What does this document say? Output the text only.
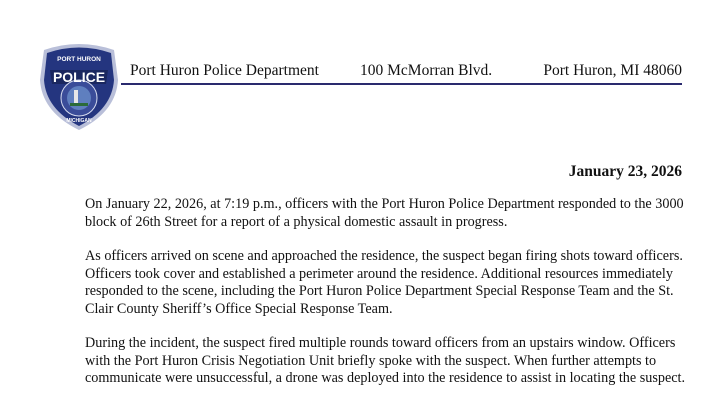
PORT HURON
POLICE
MICHIGAN
Port Huron Police Department	100 McMorran Blvd.	Port Huron, MI 48060
January 23, 2026

On January 22, 2026, at 7:19 p.m., officers with the Port Huron Police Department responded to the 3000 block of 26th Street for a report of a physical domestic assault in progress.

As officers arrived on scene and approached the residence, the suspect began firing shots toward officers. Officers took cover and established a perimeter around the residence. Additional resources immediately responded to the scene, including the Port Huron Police Department Special Response Team and the St. Clair County Sheriff’s Office Special Response Team.

During the incident, the suspect fired multiple rounds toward officers from an upstairs window. Officers with the Port Huron Crisis Negotiation Unit briefly spoke with the suspect. When further attempts to communicate were unsuccessful, a drone was deployed into the residence to assist in locating the suspect.
